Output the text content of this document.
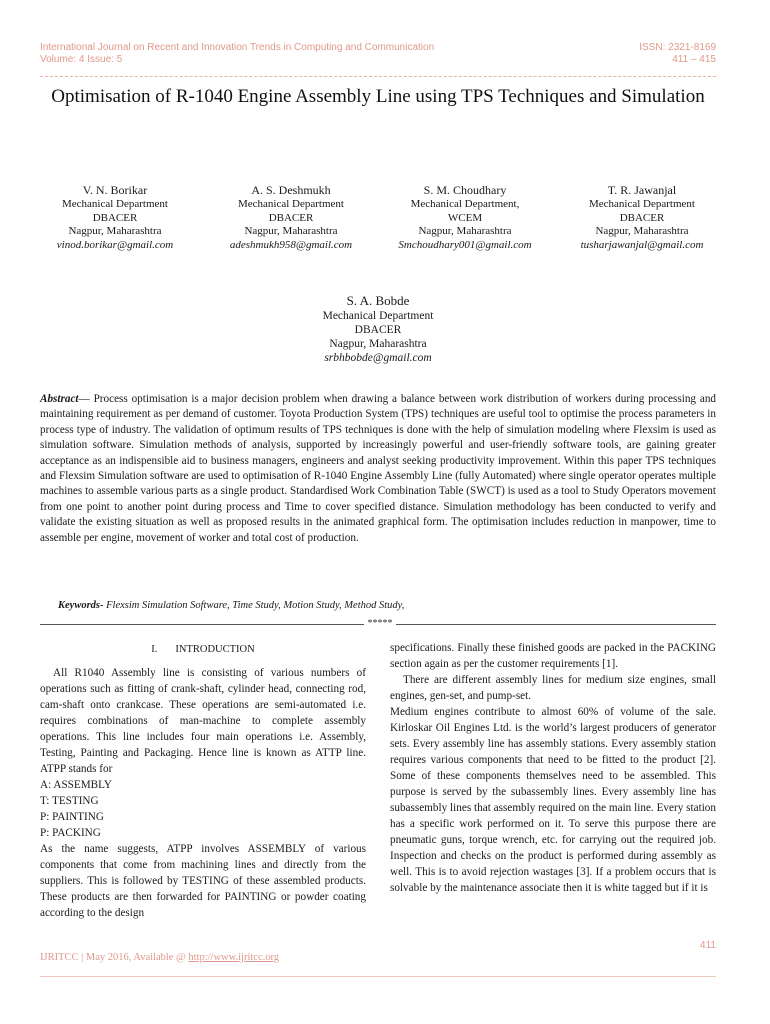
International Journal on Recent and Innovation Trends in Computing and Communication
Volume: 4 Issue: 5
ISSN: 2321-8169
411 – 415
Optimisation of R-1040 Engine Assembly Line using TPS Techniques and Simulation
V. N. Borikar
Mechanical Department
DBACER
Nagpur, Maharashtra
vinod.borikar@gmail.com
A. S. Deshmukh
Mechanical Department
DBACER
Nagpur, Maharashtra
adeshmukh958@gmail.com
S. M. Choudhary
Mechanical Department,
WCEM
Nagpur, Maharashtra
Smchoudhary001@gmail.com
T. R. Jawanjal
Mechanical Department
DBACER
Nagpur, Maharashtra
tusharjawanjal@gmail.com
S. A. Bobde
Mechanical Department
DBACER
Nagpur, Maharashtra
srbhbobde@gmail.com
Abstract— Process optimisation is a major decision problem when drawing a balance between work distribution of workers during processing and maintaining requirement as per demand of customer. Toyota Production System (TPS) techniques are useful tool to optimise the process parameters in process type of industry. The validation of optimum results of TPS techniques is done with the help of simulation modeling where Flexsim is used as simulation software. Simulation methods of analysis, supported by increasingly powerful and user-friendly software tools, are gaining greater acceptance as an indispensible aid to business managers, engineers and analyst seeking productivity improvement. Within this paper TPS techniques and Flexsim Simulation software are used to optimisation of R-1040 Engine Assembly Line (fully Automated) where single operator operates multiple machines to assemble various parts as a single product. Standardised Work Combination Table (SWCT) is used as a tool to Study Operators movement from one point to another point during process and Time to cover specified distance. Simulation methodology has been conducted to verify and validate the existing situation as well as proposed results in the animated graphical form. The optimisation includes reduction in manpower, time to assemble per engine, movement of worker and total cost of production.
Keywords- Flexsim Simulation Software, Time Study, Motion Study, Method Study,
*****

I. INTRODUCTION

All R1040 Assembly line is consisting of various numbers of operations such as fitting of crank-shaft, cylinder head, connecting rod, cam-shaft onto crankcase. These operations are semi-automated i.e. requires combinations of man-machine to complete assembly operations. This line includes four main operations i.e. Assembly, Testing, Painting and Packaging. Hence line is known as ATTP line. ATPP stands for

A: ASSEMBLY

T: TESTING

P: PAINTING

P: PACKING

As the name suggests, ATPP involves ASSEMBLY of various components that come from machining lines and directly from the suppliers. This is followed by TESTING of these assembled products. These products are then forwarded for PAINTING or powder coating according to the design

specifications. Finally these finished goods are packed in the PACKING section again as per the customer requirements [1].

There are different assembly lines for medium size engines, small engines, gen-set, and pump-set.

Medium engines contribute to almost 60% of volume of the sale. Kirloskar Oil Engines Ltd. is the world’s largest producers of generator sets. Every assembly line has assembly stations. Every assembly station requires various components that need to be fitted to the product [2]. Some of these components themselves need to be assembled. This purpose is served by the subassembly lines. Every assembly line has subassembly lines that assembly required on the main line. Every station has a specific work performed on it. To serve this purpose there are pneumatic guns, torque wrench, etc. for carrying out the required job. Inspection and checks on the product is performed during assembly as well. This is to avoid rejection wastages [3]. If a problem occurs that is solvable by the maintenance associate then it is white tagged but if it is

411
IJRITCC | May 2016, Available @ http://www.ijritcc.org
